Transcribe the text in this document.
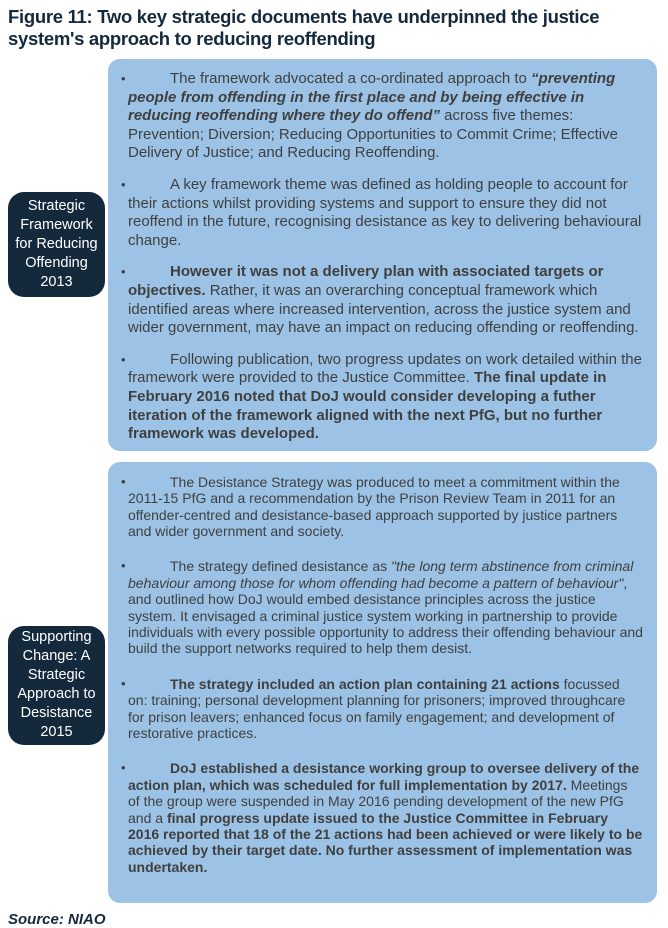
Figure 11: Two key strategic documents have underpinned the justice system's approach to reducing reoffending
Strategic
Framework
for Reducing
Offending
2013

•	The framework advocated a co-ordinated approach to “preventing people from offending in the first place and by being effective in reducing reoffending where they do offend” across five themes: Prevention; Diversion; Reducing Opportunities to Commit Crime; Effective Delivery of Justice; and Reducing Reoffending.

•	A key framework theme was defined as holding people to account for their actions whilst providing systems and support to ensure they did not reoffend in the future, recognising desistance as key to delivering behavioural change.

•	However it was not a delivery plan with associated targets or objectives. Rather, it was an overarching conceptual framework which identified areas where increased intervention, across the justice system and wider government, may have an impact on reducing offending or reoffending.

•	Following publication, two progress updates on work detailed within the framework were provided to the Justice Committee. The final update in February 2016 noted that DoJ would consider developing a futher iteration of the framework aligned with the next PfG, but no further framework was developed.

Supporting
Change: A
Strategic
Approach to
Desistance
2015

•	The Desistance Strategy was produced to meet a commitment within the 2011-15 PfG and a recommendation by the Prison Review Team in 2011 for an offender-centred and desistance-based approach supported by justice partners and wider government and society.

•	The strategy defined desistance as "the long term abstinence from criminal behaviour among those for whom offending had become a pattern of behaviour", and outlined how DoJ would embed desistance principles across the justice system. It envisaged a criminal justice system working in partnership to provide individuals with every possible opportunity to address their offending behaviour and build the support networks required to help them desist.

•	The strategy included an action plan containing 21 actions focussed on: training; personal development planning for prisoners; improved throughcare for prison leavers; enhanced focus on family engagement; and development of restorative practices.

•	DoJ established a desistance working group to oversee delivery of the action plan, which was scheduled for full implementation by 2017. Meetings of the group were suspended in May 2016 pending development of the new PfG and a final progress update issued to the Justice Committee in February 2016 reported that 18 of the 21 actions had been achieved or were likely to be achieved by their target date. No further assessment of implementation was undertaken.

Source: NIAO
